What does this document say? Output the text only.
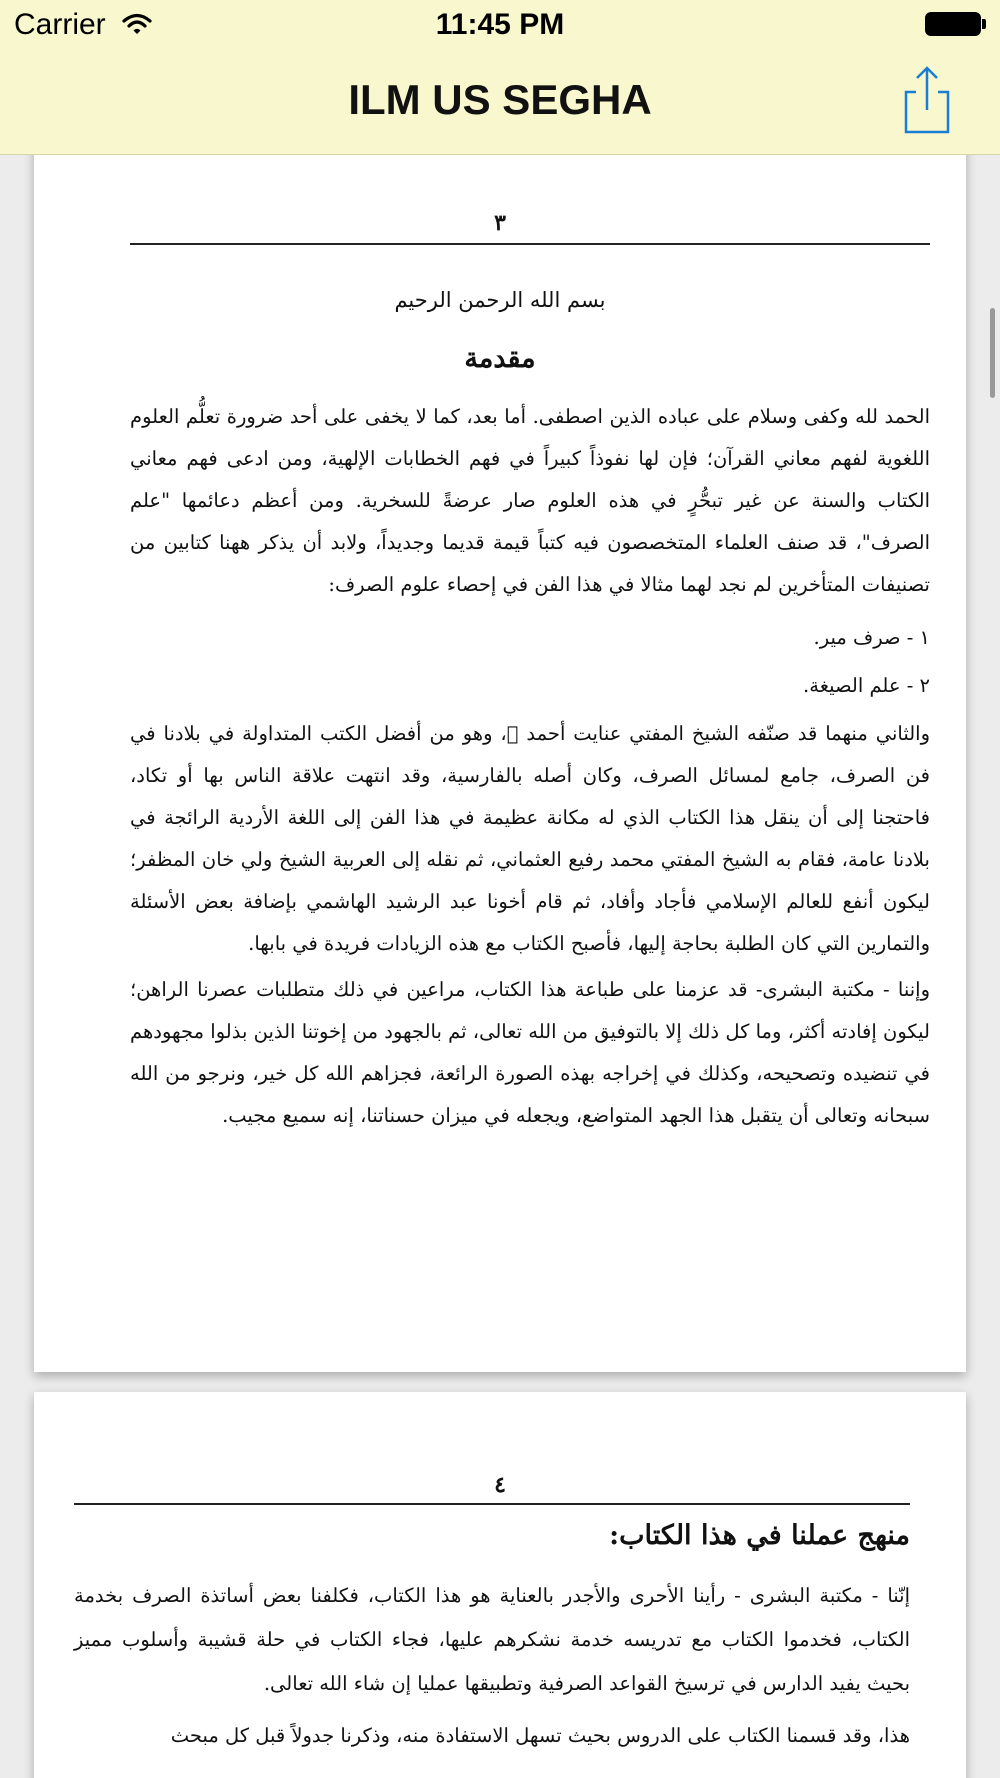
Carrier	11:45 PM
ILM US SEGHA
٣
بسم الله الرحمن الرحيم
مقدمة
الحمد لله وكفى وسلام على عباده الذين اصطفى. أما بعد، كما لا يخفى على أحد ضرورة تعلُّم العلوم اللغوية لفهم معاني القرآن؛ فإن لها نفوذاً كبيراً في فهم الخطابات الإلهية، ومن ادعى فهم معاني الكتاب والسنة عن غير تبحُّرٍ في هذه العلوم صار عرضةً للسخرية. ومن أعظم دعائمها "علم الصرف"، قد صنف العلماء المتخصصون فيه كتباً قيمة قديما وجديداً، ولابد أن يذكر ههنا كتابين من تصنيفات المتأخرين لم نجد لهما مثالا في هذا الفن في إحصاء علوم الصرف:
١ - صرف مير.
٢ - علم الصيغة.
والثاني منهما قد صنّفه الشيخ المفتي عنايت أحمد ﷫، وهو من أفضل الكتب المتداولة في بلادنا في فن الصرف، جامع لمسائل الصرف، وكان أصله بالفارسية، وقد انتهت علاقة الناس بها أو تكاد، فاحتجنا إلى أن ينقل هذا الكتاب الذي له مكانة عظيمة في هذا الفن إلى اللغة الأردية الرائجة في بلادنا عامة، فقام به الشيخ المفتي محمد رفيع العثماني، ثم نقله إلى العربية الشيخ ولي خان المظفر؛ ليكون أنفع للعالم الإسلامي فأجاد وأفاد، ثم قام أخونا عبد الرشيد الهاشمي بإضافة بعض الأسئلة والتمارين التي كان الطلبة بحاجة إليها، فأصبح الكتاب مع هذه الزيادات فريدة في بابها.
وإننا - مكتبة البشرى- قد عزمنا على طباعة هذا الكتاب، مراعين في ذلك متطلبات عصرنا الراهن؛ ليكون إفادته أكثر، وما كل ذلك إلا بالتوفيق من الله تعالى، ثم بالجهود من إخوتنا الذين بذلوا مجهودهم في تنضيده وتصحيحه، وكذلك في إخراجه بهذه الصورة الرائعة، فجزاهم الله كل خير، ونرجو من الله سبحانه وتعالى أن يتقبل هذا الجهد المتواضع، ويجعله في ميزان حسناتنا، إنه سميع مجيب.
٤
منهج عملنا في هذا الكتاب:
إنّنا - مكتبة البشرى - رأينا الأحرى والأجدر بالعناية هو هذا الكتاب، فكلفنا بعض أساتذة الصرف بخدمة الكتاب، فخدموا الكتاب مع تدريسه خدمة نشكرهم عليها، فجاء الكتاب في حلة قشيبة وأسلوب مميز بحيث يفيد الدارس في ترسيخ القواعد الصرفية وتطبيقها عمليا إن شاء الله تعالى.
هذا، وقد قسمنا الكتاب على الدروس بحيث تسهل الاستفادة منه، وذكرنا جدولاً قبل كل مبحث
